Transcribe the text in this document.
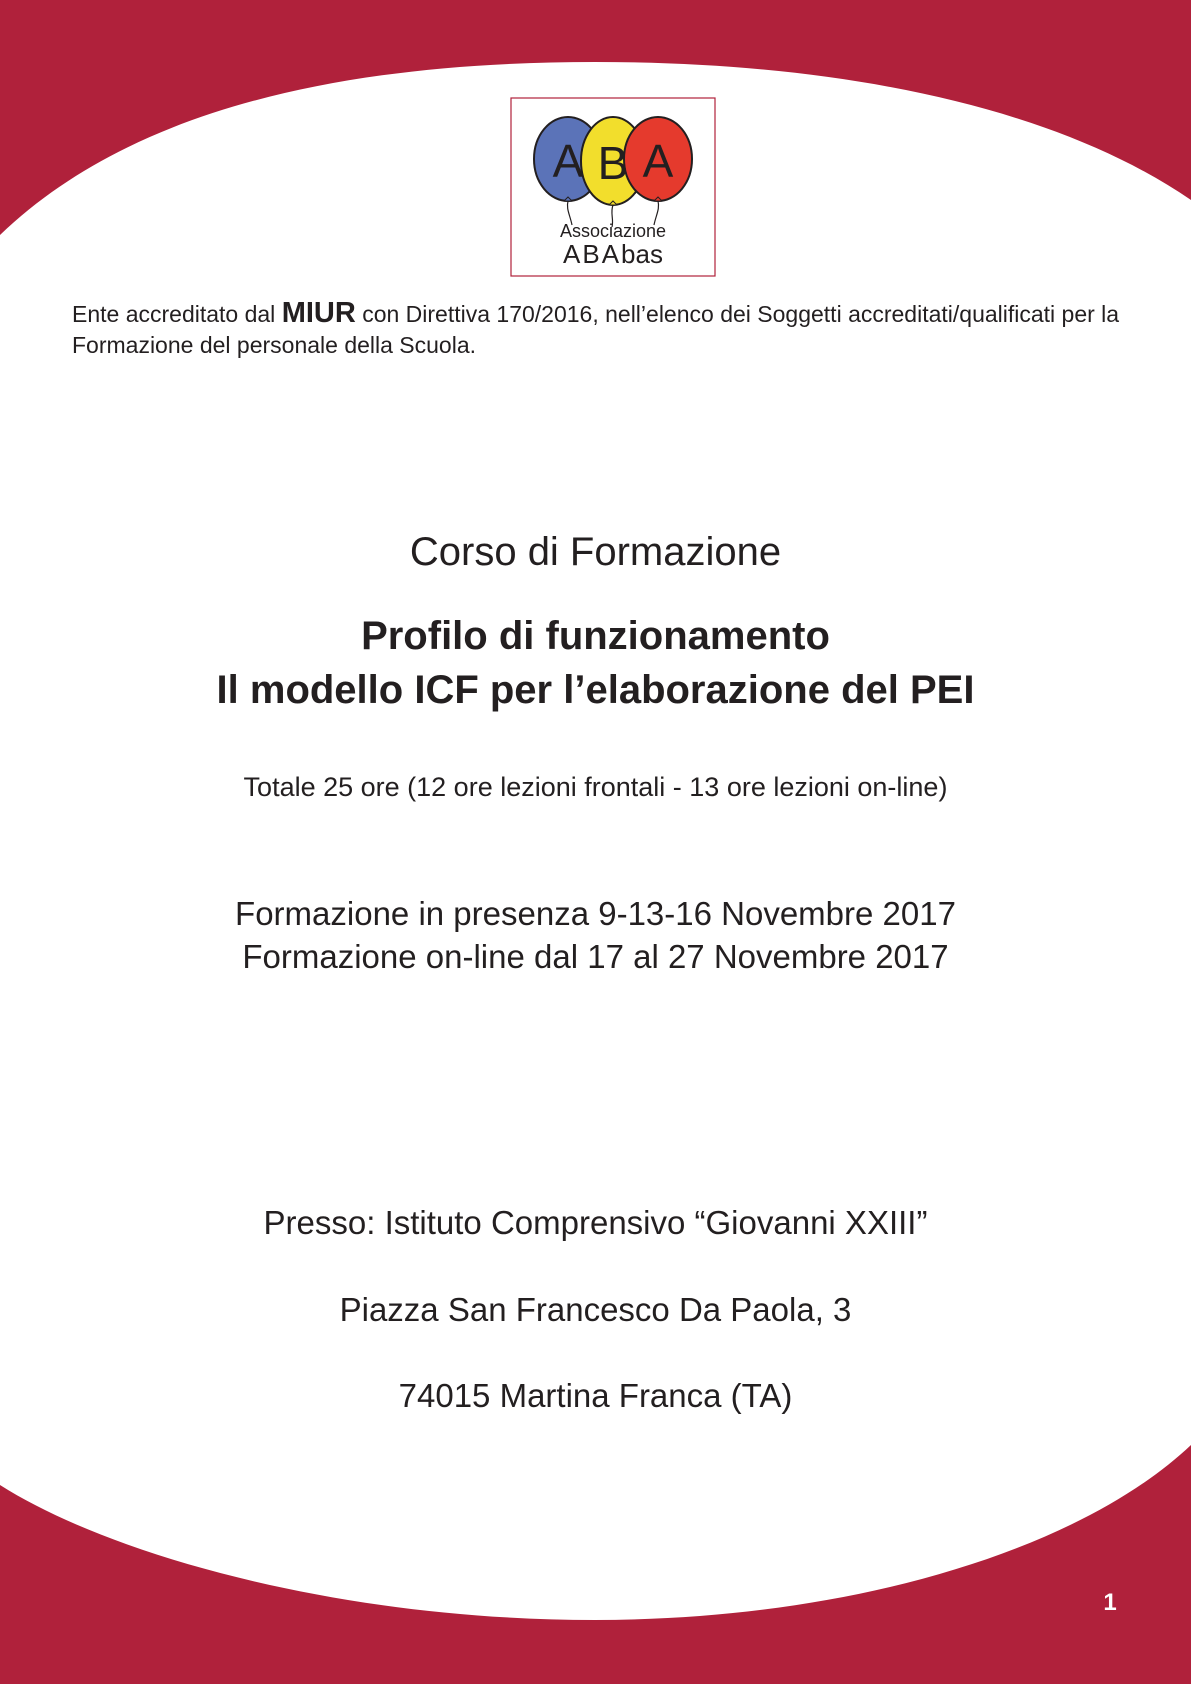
A B A
Associazione
ABAbas
Ente accreditato dal MIUR con Direttiva 170/2016, nell’elenco dei Soggetti accreditati/qualificati per la Formazione del personale della Scuola.
Corso di Formazione
Profilo di funzionamento
Il modello ICF per l’elaborazione del PEI
Totale 25 ore (12 ore lezioni frontali - 13 ore lezioni on-line)
Formazione in presenza 9-13-16 Novembre 2017
Formazione on-line dal 17 al 27 Novembre 2017
Presso: Istituto Comprensivo “Giovanni XXIII”
Piazza San Francesco Da Paola, 3
74015 Martina Franca (TA)
1
